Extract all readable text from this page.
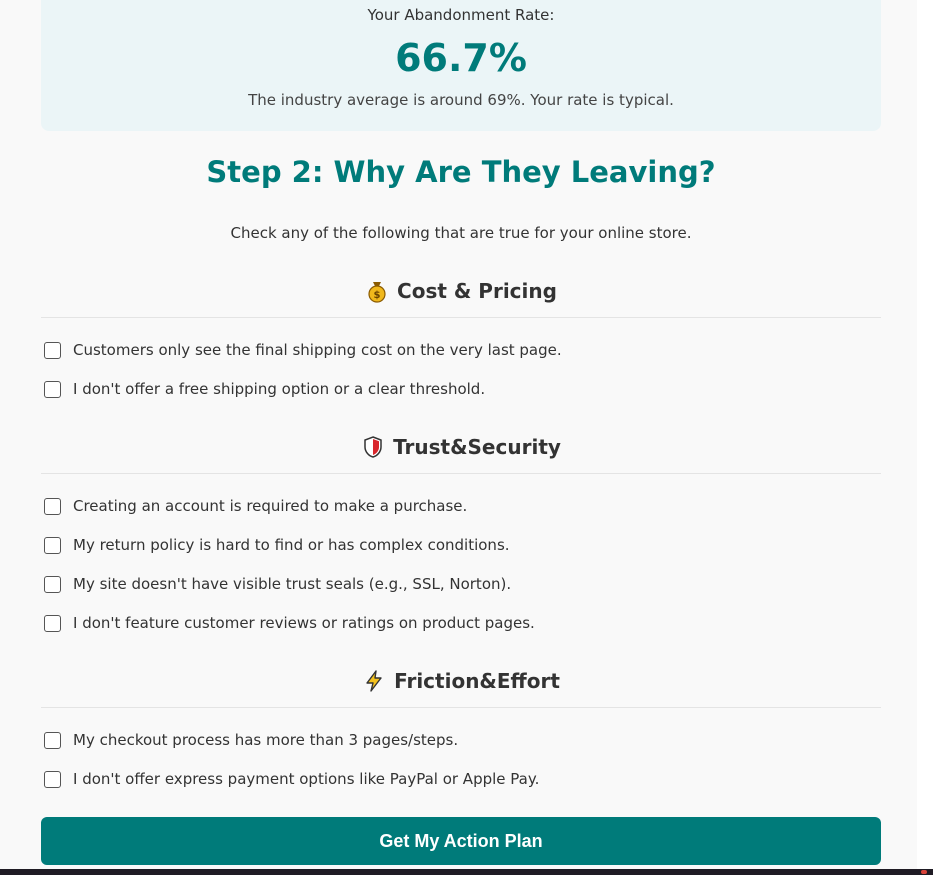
Your Abandonment Rate:
66.7%
The industry average is around 69%. Your rate is typical.
Step 2: Why Are They Leaving?

Check any of the following that are true for your online store.

$ Cost & Pricing
Customers only see the final shipping cost on the very last page.
I don't offer a free shipping option or a clear threshold.
Trust&Security
Creating an account is required to make a purchase.
My return policy is hard to find or has complex conditions.
My site doesn't have visible trust seals (e.g., SSL, Norton).
I don't feature customer reviews or ratings on product pages.
Friction&Effort
My checkout process has more than 3 pages/steps.
I don't offer express payment options like PayPal or Apple Pay.
Get My Action Plan
